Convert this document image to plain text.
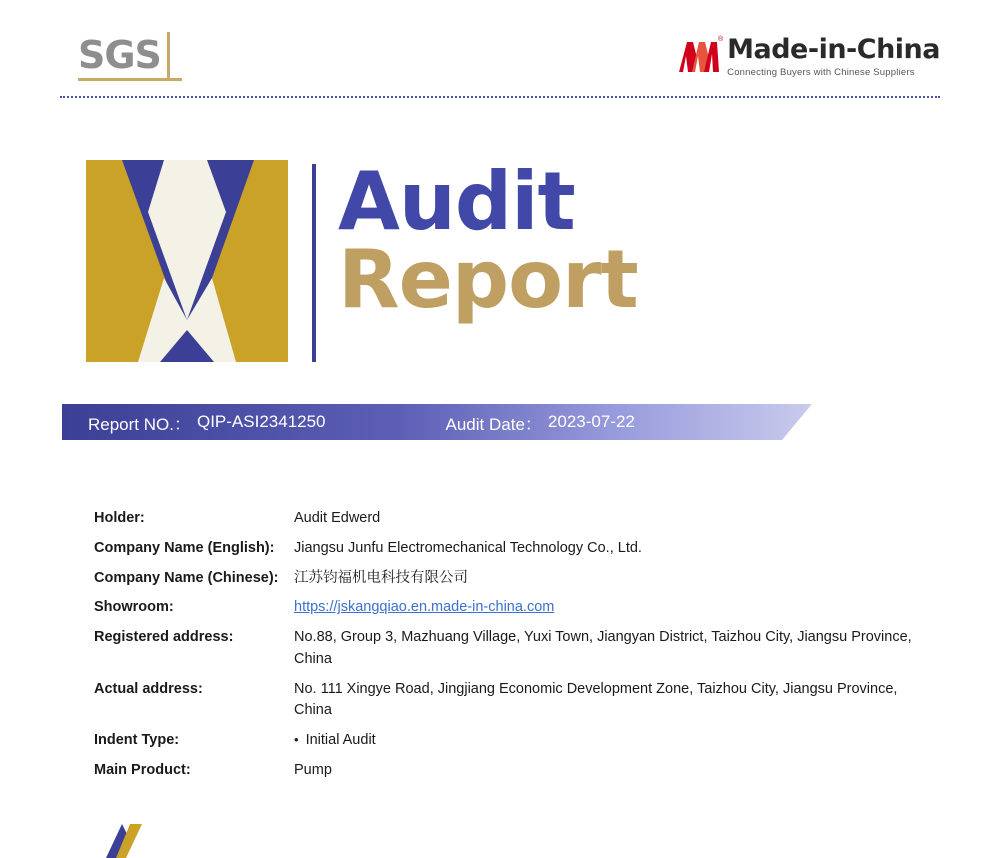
SGS	® Made-in-China
Connecting Buyers with Chinese Suppliers
Audit
Report
Report NO.： QIP-ASI2341250	Audit Date： 2023-07-22
Holder:	Audit Edwerd
Company Name (English):	Jiangsu Junfu Electromechanical Technology Co., Ltd.
Company Name (Chinese):	江苏钧福机电科技有限公司
Showroom:	https://jskangqiao.en.made-in-china.com
Registered address:	No.88, Group 3, Mazhuang Village, Yuxi Town, Jiangyan District, Taizhou City, Jiangsu Province, China
Actual address:	No. 111 Xingye Road, Jingjiang Economic Development Zone, Taizhou City, Jiangsu Province, China
Indent Type:	• Initial Audit
Main Product:	Pump
